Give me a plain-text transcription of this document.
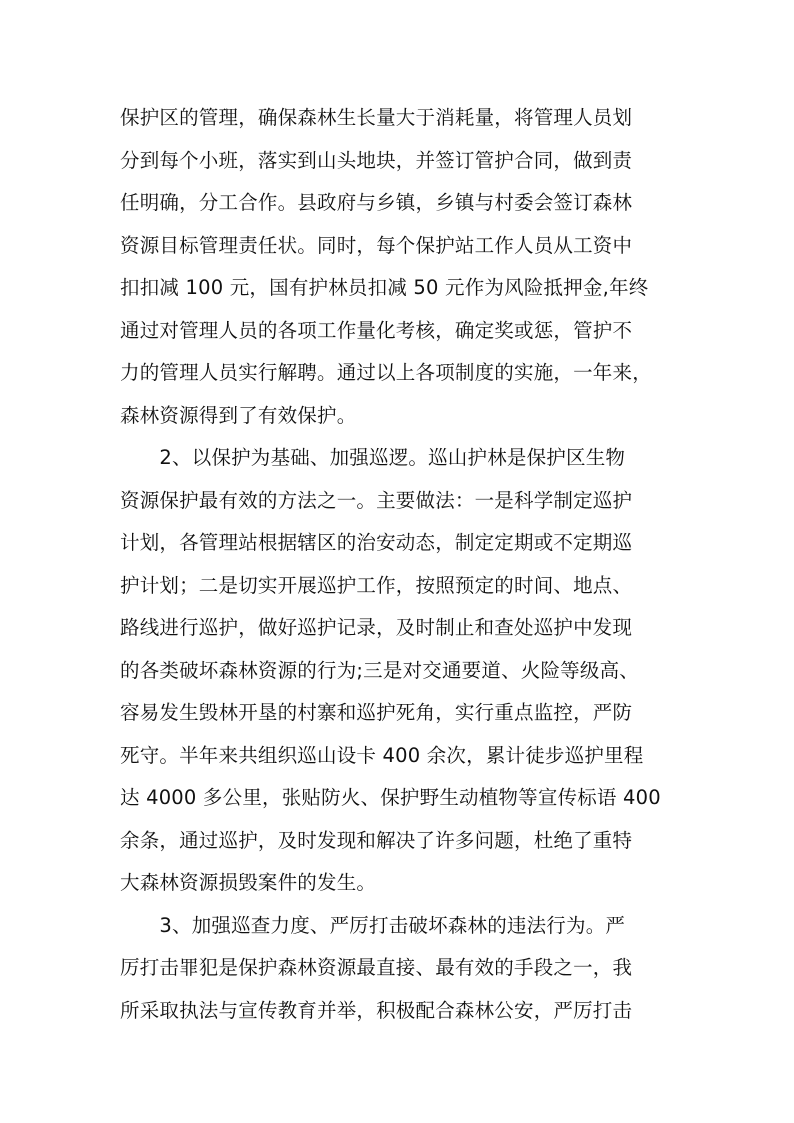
保护区的管理，确保森林生长量大于消耗量，将管理人员划
分到每个小班，落实到山头地块，并签订管护合同，做到责
任明确，分工合作。县政府与乡镇，乡镇与村委会签订森林
资源目标管理责任状。同时，每个保护站工作人员从工资中
扣扣减 100 元，国有护林员扣减 50 元作为风险抵押金,年终
通过对管理人员的各项工作量化考核，确定奖或惩，管护不
力的管理人员实行解聘。通过以上各项制度的实施，一年来，
森林资源得到了有效保护。
　　2、以保护为基础、加强巡逻。巡山护林是保护区生物
资源保护最有效的方法之一。主要做法：一是科学制定巡护
计划，各管理站根据辖区的治安动态，制定定期或不定期巡
护计划；二是切实开展巡护工作，按照预定的时间、地点、
路线进行巡护，做好巡护记录，及时制止和查处巡护中发现
的各类破坏森林资源的行为;三是对交通要道、火险等级高、
容易发生毁林开垦的村寨和巡护死角，实行重点监控，严防
死守。半年来共组织巡山设卡 400 余次，累计徒步巡护里程
达 4000 多公里，张贴防火、保护野生动植物等宣传标语 400
余条，通过巡护，及时发现和解决了许多问题，杜绝了重特
大森林资源损毁案件的发生。
　　3、加强巡查力度、严厉打击破坏森林的违法行为。严
厉打击罪犯是保护森林资源最直接、最有效的手段之一，我
所采取执法与宣传教育并举，积极配合森林公安，严厉打击
